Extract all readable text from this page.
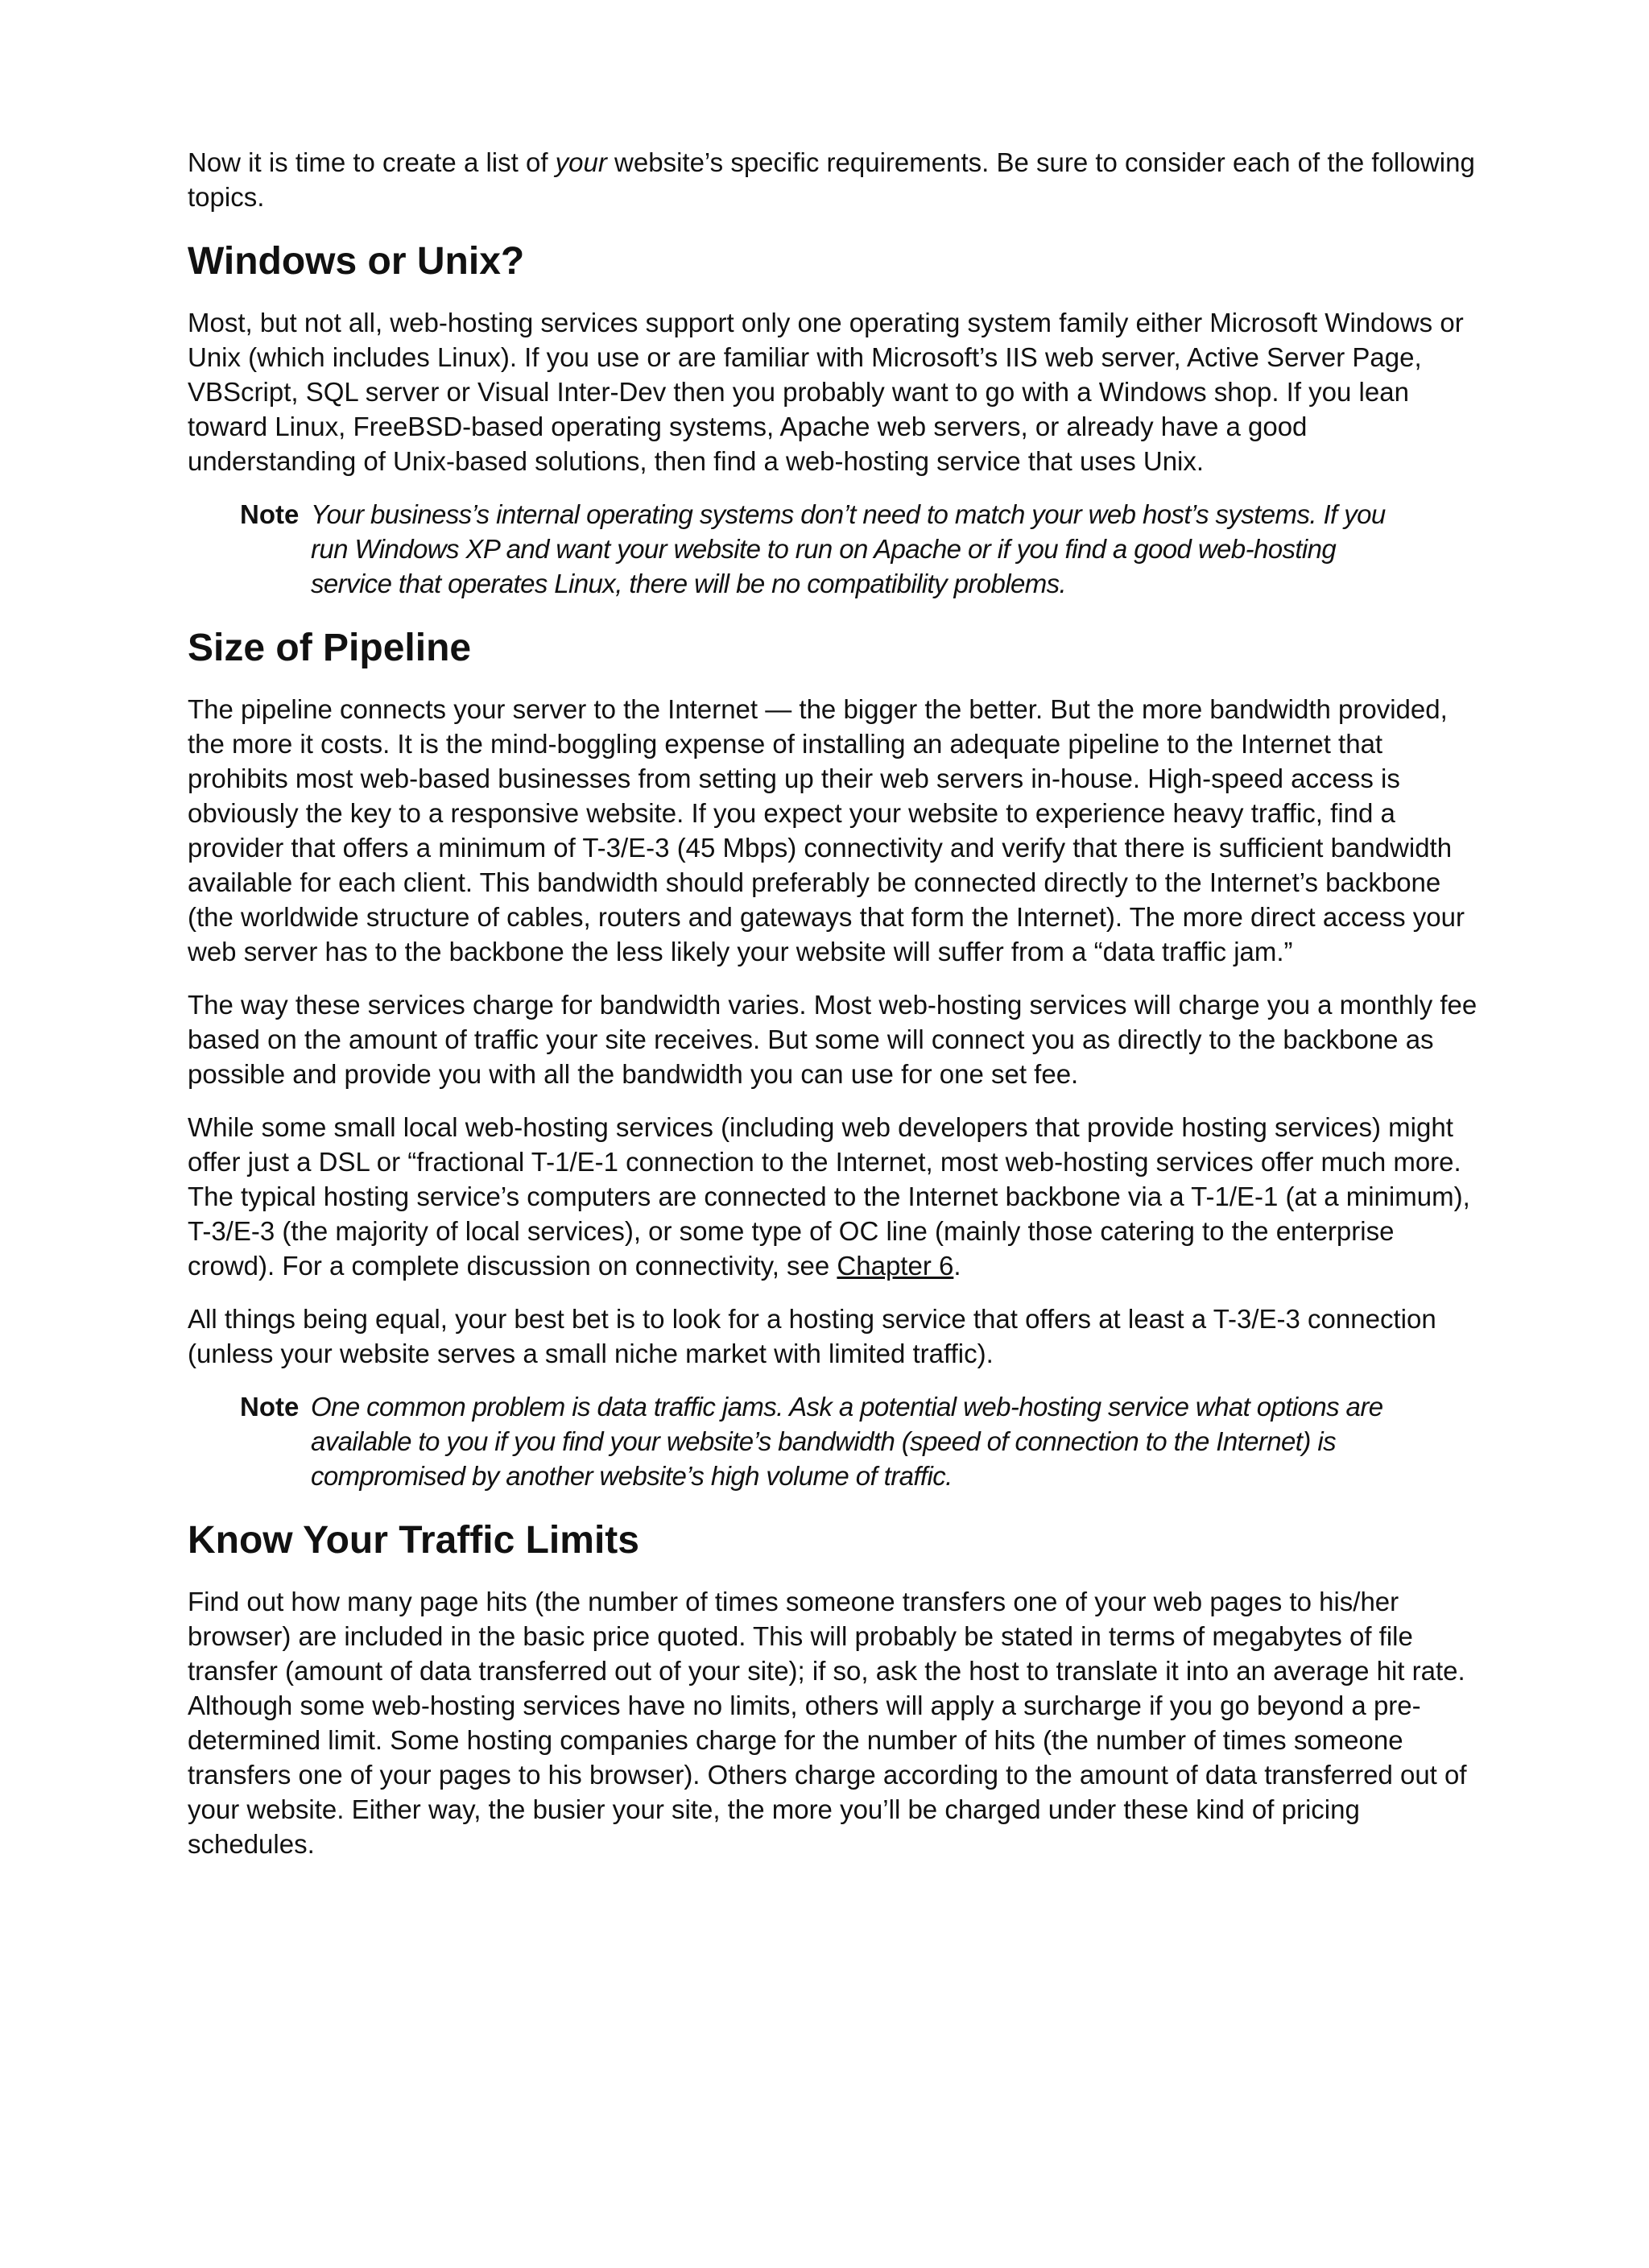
Now it is time to create a list of your website’s specific requirements. Be sure to consider each of the following topics.

Windows or Unix?

Most, but not all, web-hosting services support only one operating system family either Microsoft Windows or Unix (which includes Linux). If you use or are familiar with Microsoft’s IIS web server, Active Server Page, VBScript, SQL server or Visual Inter-Dev then you probably want to go with a Windows shop. If you lean toward Linux, FreeBSD-based operating systems, Apache web servers, or already have a good understanding of Unix-based solutions, then find a web-hosting service that uses Unix.

Note Your business’s internal operating systems don’t need to match your web host’s systems. If you run Windows XP and want your website to run on Apache or if you find a good web-hosting service that operates Linux, there will be no compatibility problems.
Size of Pipeline

The pipeline connects your server to the Internet — the bigger the better. But the more bandwidth provided, the more it costs. It is the mind-boggling expense of installing an adequate pipeline to the Internet that prohibits most web-based businesses from setting up their web servers in-house. High-speed access is obviously the key to a responsive website. If you expect your website to experience heavy traffic, find a provider that offers a minimum of T-3/E-3 (45 Mbps) connectivity and verify that there is sufficient bandwidth available for each client. This bandwidth should preferably be connected directly to the Internet’s backbone (the worldwide structure of cables, routers and gateways that form the Internet). The more direct access your web server has to the backbone the less likely your website will suffer from a “data traffic jam.”

The way these services charge for bandwidth varies. Most web-hosting services will charge you a monthly fee based on the amount of traffic your site receives. But some will connect you as directly to the backbone as possible and provide you with all the bandwidth you can use for one set fee.

While some small local web-hosting services (including web developers that provide hosting services) might offer just a DSL or “fractional T-1/E-1 connection to the Internet, most web-hosting services offer much more. The typical hosting service’s computers are connected to the Internet backbone via a T-1/E-1 (at a minimum), T-3/E-3 (the majority of local services), or some type of OC line (mainly those catering to the enterprise crowd). For a complete discussion on connectivity, see Chapter 6.

All things being equal, your best bet is to look for a hosting service that offers at least a T-3/E-3 connection (unless your website serves a small niche market with limited traffic).

Note One common problem is data traffic jams. Ask a potential web-hosting service what options are available to you if you find your website’s bandwidth (speed of connection to the Internet) is compromised by another website’s high volume of traffic.
Know Your Traffic Limits

Find out how many page hits (the number of times someone transfers one of your web pages to his/her browser) are included in the basic price quoted. This will probably be stated in terms of megabytes of file transfer (amount of data transferred out of your site); if so, ask the host to translate it into an average hit rate. Although some web-hosting services have no limits, others will apply a surcharge if you go beyond a pre-determined limit. Some hosting companies charge for the number of hits (the number of times someone transfers one of your pages to his browser). Others charge according to the amount of data transferred out of your website. Either way, the busier your site, the more you’ll be charged under these kind of pricing schedules.
